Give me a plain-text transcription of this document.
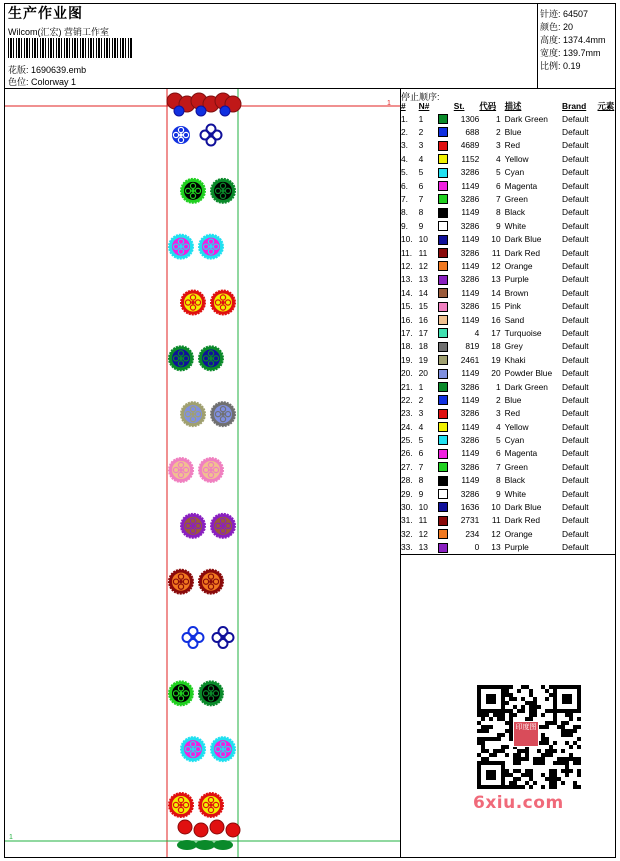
生产作业图
Wilcom(汇宏) 营销工作室
花版: 1690639.emb
色位: Colorway 1
针迹: 64507
颜色: 20
高度: 1374.4mm
宽度: 139.7mm
比例: 0.19
1
1
停止顺序:
#	N#		St.	代码	描述	Brand	元素
1.	1		1306	1	Dark Green	Default	
2.	2		688	2	Blue	Default	
3.	3		4689	3	Red	Default	
4.	4		1152	4	Yellow	Default	
5.	5		3286	5	Cyan	Default	
6.	6		1149	6	Magenta	Default	
7.	7		3286	7	Green	Default	
8.	8		1149	8	Black	Default	
9.	9		3286	9	White	Default	
10.	10		1149	10	Dark Blue	Default	
11.	11		3286	11	Dark Red	Default	
12.	12		1149	12	Orange	Default	
13.	13		3286	13	Purple	Default	
14.	14		1149	14	Brown	Default	
15.	15		3286	15	Pink	Default	
16.	16		1149	16	Sand	Default	
17.	17		4	17	Turquoise	Default	
18.	18		819	18	Grey	Default	
19.	19		2461	19	Khaki	Default	
20.	20		1149	20	Powder Blue	Default	
21.	1		3286	1	Dark Green	Default	
22.	2		1149	2	Blue	Default	
23.	3		3286	3	Red	Default	
24.	4		1149	4	Yellow	Default	
25.	5		3286	5	Cyan	Default	
26.	6		1149	6	Magenta	Default	
27.	7		3286	7	Green	Default	
28.	8		1149	8	Black	Default	
29.	9		3286	9	White	Default	
30.	10		1636	10	Dark Blue	Default	
31.	11		2731	11	Dark Red	Default	
32.	12		234	12	Orange	Default	
33.	13		0	13	Purple	Default	
印度图
6xiu.com
